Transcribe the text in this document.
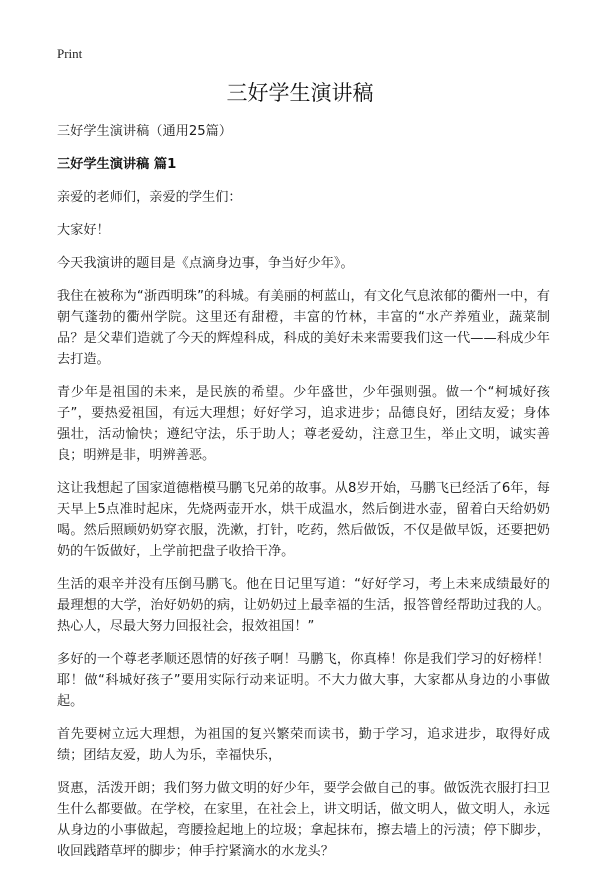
Print
三好学生演讲稿

三好学生演讲稿（通用25篇）

三好学生演讲稿 篇1

亲爱的老师们，亲爱的学生们：

大家好！

今天我演讲的题目是《点滴身边事，争当好少年》。

我住在被称为“浙西明珠”的科城。有美丽的柯蓝山，有文化气息浓郁的衢州一中，有朝气蓬勃的衢州学院。这里还有甜橙，丰富的竹林，丰富的“水产养殖业，蔬菜制品？是父辈们造就了今天的辉煌科成，科成的美好未来需要我们这一代——科成少年去打造。

青少年是祖国的未来，是民族的希望。少年盛世，少年强则强。做一个“柯城好孩子”，要热爱祖国，有远大理想；好好学习，追求进步；品德良好，团结友爱；身体强壮，活动愉快；遵纪守法，乐于助人；尊老爱幼，注意卫生，举止文明，诚实善良；明辨是非，明辨善恶。

这让我想起了国家道德楷模马鹏飞兄弟的故事。从8岁开始，马鹏飞已经活了6年，每天早上5点准时起床，先烧两壶开水，烘干成温水，然后倒进水壶，留着白天给奶奶喝。然后照顾奶奶穿衣服，洗漱，打针，吃药，然后做饭，不仅是做早饭，还要把奶奶的午饭做好，上学前把盘子收拾干净。

生活的艰辛并没有压倒马鹏飞。他在日记里写道：“好好学习，考上未来成绩最好的最理想的大学，治好奶奶的病，让奶奶过上最幸福的生活，报答曾经帮助过我的人。热心人，尽最大努力回报社会，报效祖国！”

多好的一个尊老孝顺还恩情的好孩子啊！马鹏飞，你真棒！你是我们学习的好榜样！耶！做“科城好孩子”要用实际行动来证明。不大力做大事，大家都从身边的小事做起。

首先要树立远大理想，为祖国的复兴繁荣而读书，勤于学习，追求进步，取得好成绩；团结友爱，助人为乐，幸福快乐，

贤惠，活泼开朗；我们努力做文明的好少年，要学会做自己的事。做饭洗衣服打扫卫生什么都要做。在学校，在家里，在社会上，讲文明话，做文明人，做文明人，永远从身边的小事做起，弯腰捡起地上的垃圾；拿起抹布，擦去墙上的污渍；停下脚步，收回践踏草坪的脚步；伸手拧紧滴水的水龙头？
